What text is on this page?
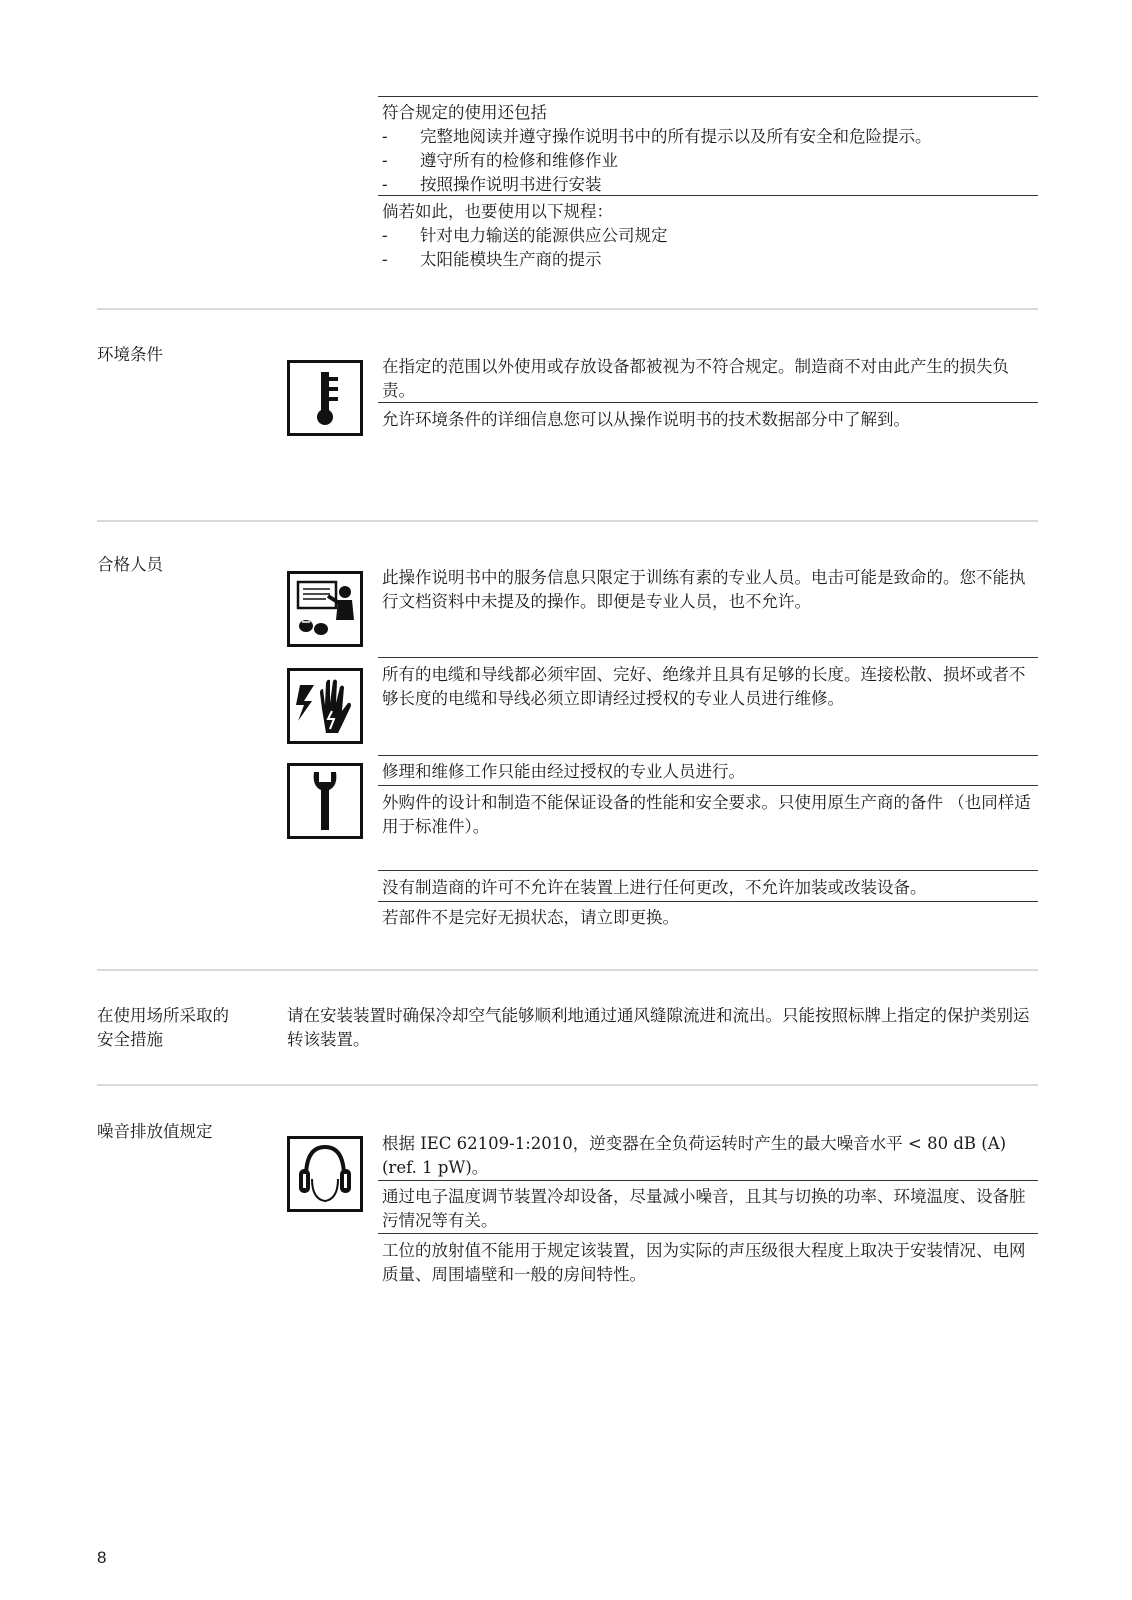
符合规定的使用还包括
- 完整地阅读并遵守操作说明书中的所有提示以及所有安全和危险提示。
- 遵守所有的检修和维修作业
- 按照操作说明书进行安装
倘若如此，也要使用以下规程：
- 针对电力输送的能源供应公司规定
- 太阳能模块生产商的提示
环境条件
在指定的范围以外使用或存放设备都被视为不符合规定。制造商不对由此产生的损失负责。
允许环境条件的详细信息您可以从操作说明书的技术数据部分中了解到。
合格人员
此操作说明书中的服务信息只限定于训练有素的专业人员。电击可能是致命的。您不能执行文档资料中未提及的操作。即便是专业人员，也不允许。
所有的电缆和导线都必须牢固、完好、绝缘并且具有足够的长度。连接松散、损坏或者不够长度的电缆和导线必须立即请经过授权的专业人员进行维修。
修理和维修工作只能由经过授权的专业人员进行。
外购件的设计和制造不能保证设备的性能和安全要求。只使用原生产商的备件 （也同样适用于标准件）。
没有制造商的许可不允许在装置上进行任何更改，不允许加装或改装设备。
若部件不是完好无损状态，请立即更换。
在使用场所采取的
安全措施
请在安装装置时确保冷却空气能够顺利地通过通风缝隙流进和流出。只能按照标牌上指定的保护类别运转该装置。
噪音排放值规定
根据 IEC 62109-1:2010，逆变器在全负荷运转时产生的最大噪音水平 < 80 dB (A)(ref. 1 pW)。
通过电子温度调节装置冷却设备，尽量减小噪音，且其与切换的功率、环境温度、设备脏污情况等有关。
工位的放射值不能用于规定该装置，因为实际的声压级很大程度上取决于安装情况、电网质量、周围墙壁和一般的房间特性。
8
